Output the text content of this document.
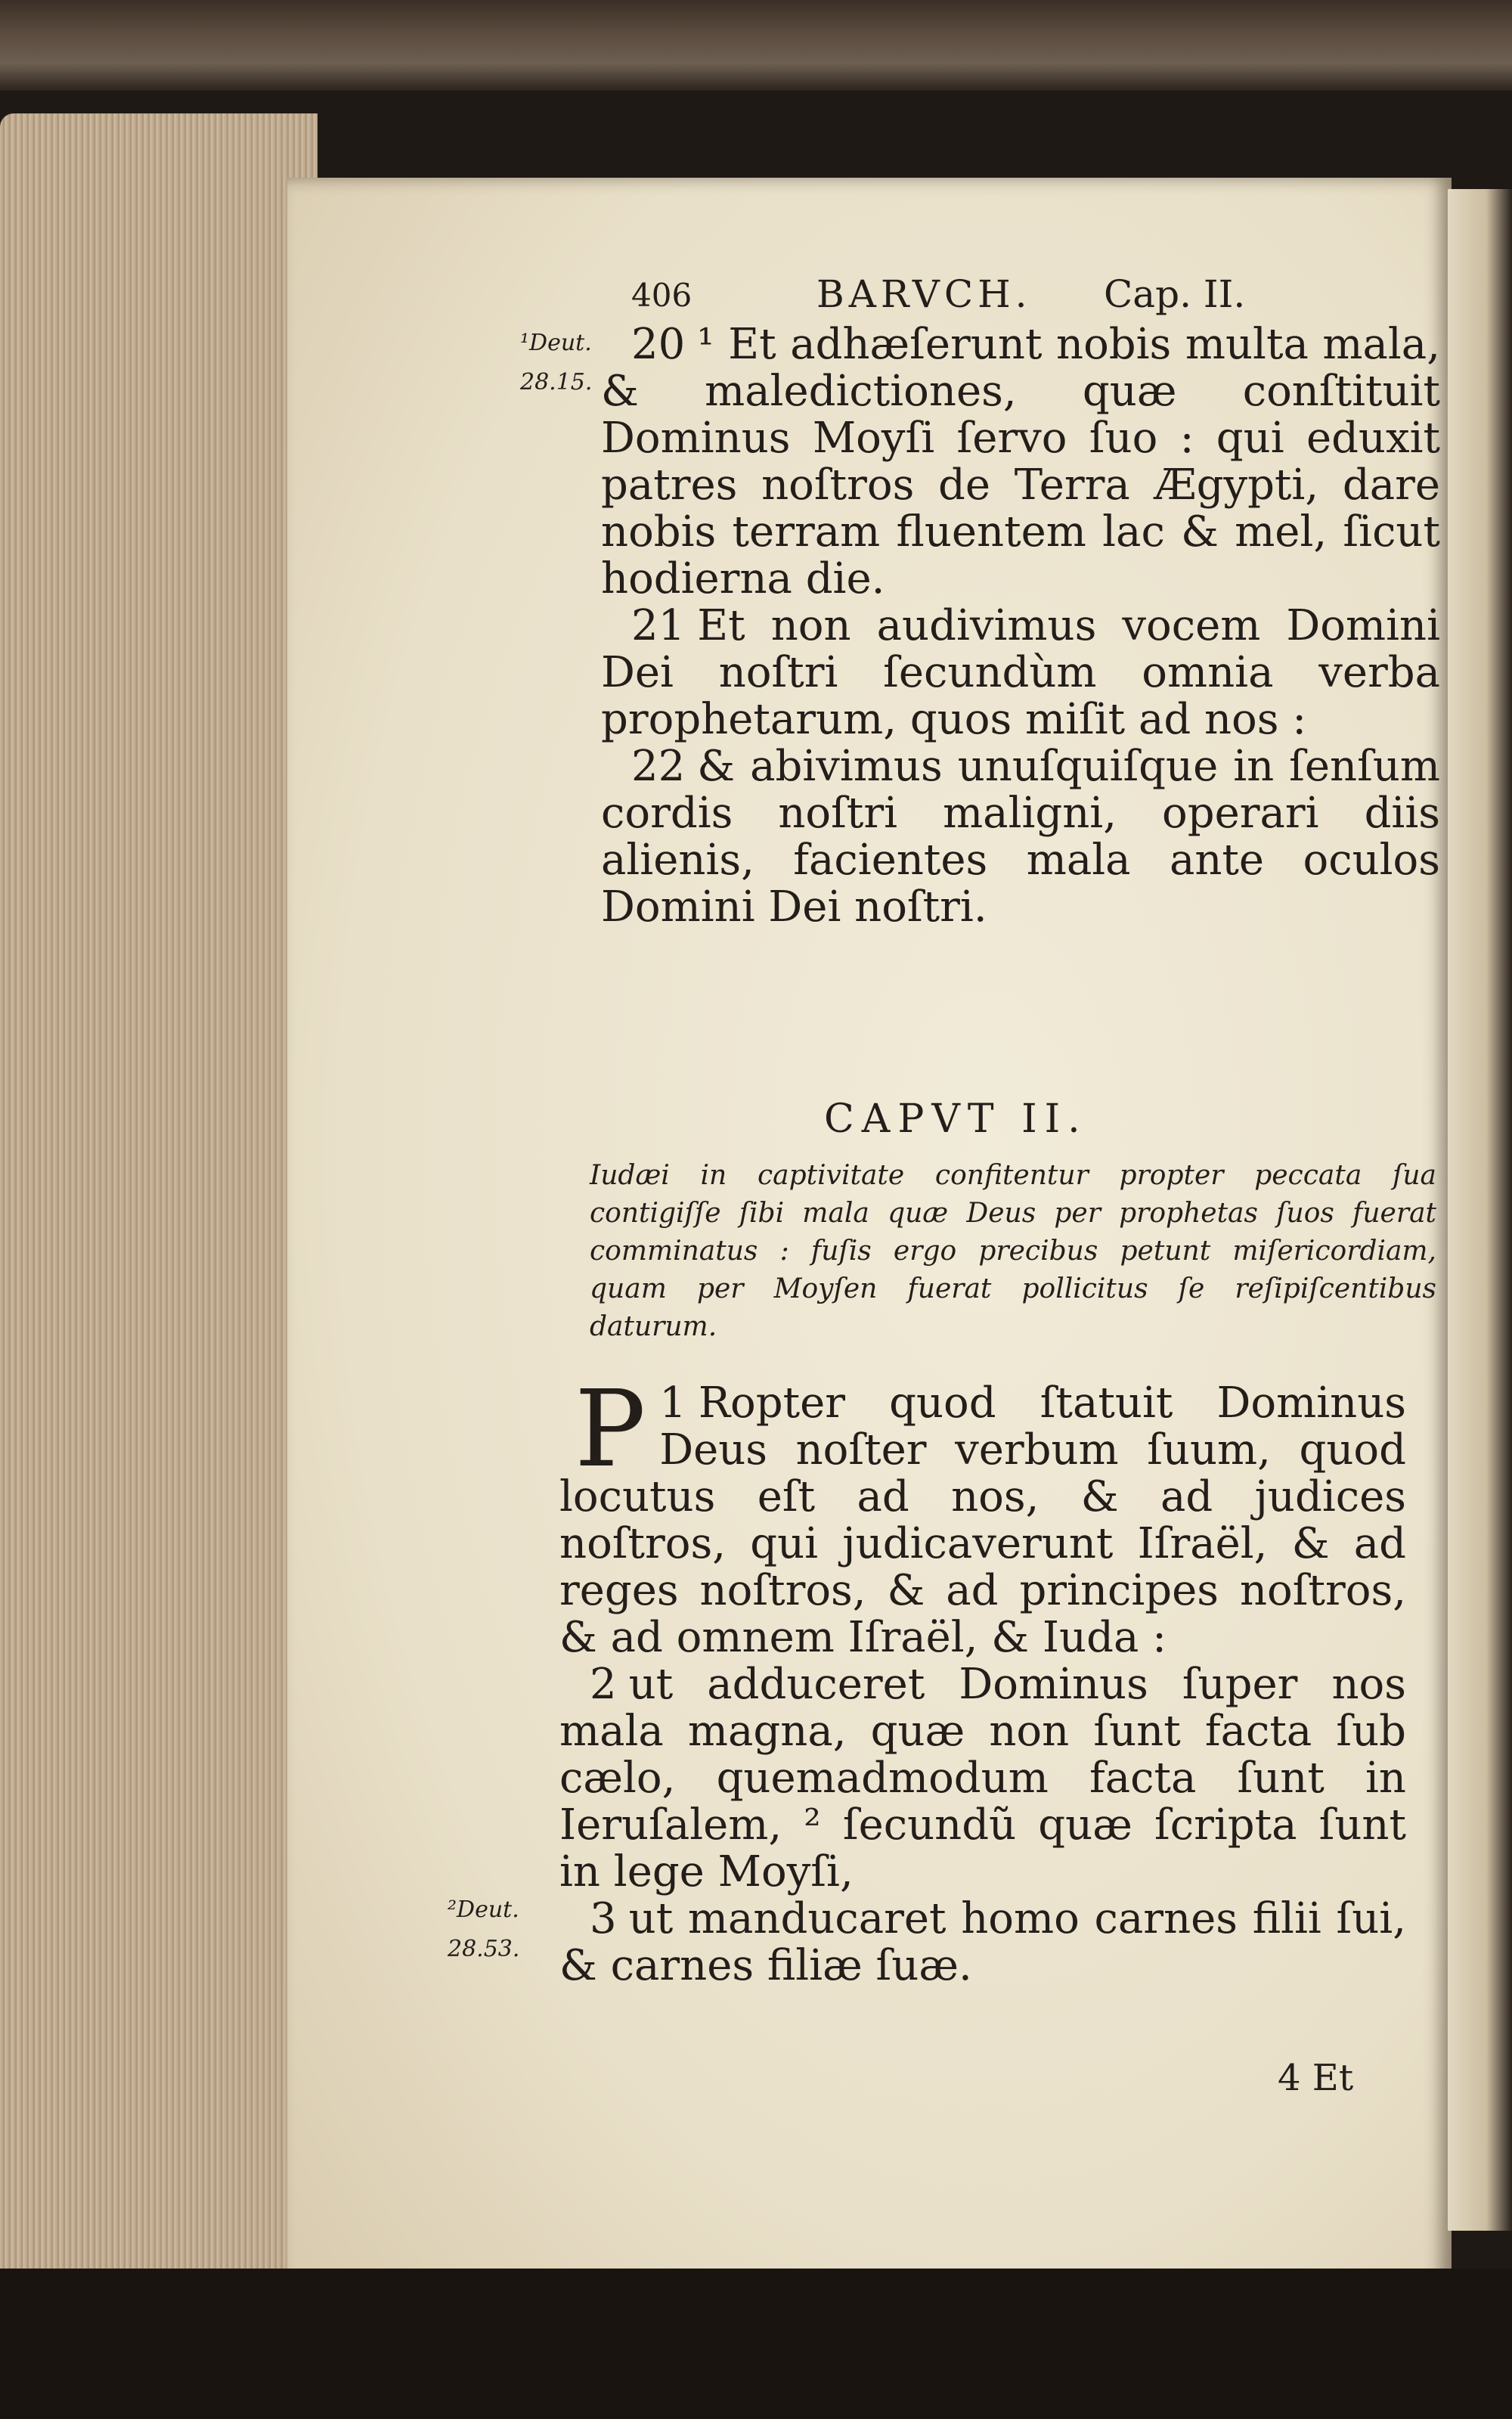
406	BARVCH. Cap. II.
¹Deut.
28.15.
²Deut.
28.53.

20 ¹ Et adhæſerunt nobis multa mala, & maledictiones, quæ conſtituit Dominus Moyſi ſervo ſuo : qui eduxit patres noſtros de Terra Ægypti, dare nobis terram fluentem lac & mel, ſicut hodierna die.

21 Et non audivimus vocem Domini Dei noſtri ſecundùm omnia verba prophetarum, quos miſit ad nos :

22 & abivimus unuſquiſque in ſenſum cordis noſtri maligni, operari diis alienis, facientes mala ante oculos Domini Dei noſtri.

CAPVT II.
Iudæi in captivitate confitentur propter peccata ſua contigiſſe ſibi mala quæ Deus per prophetas ſuos fuerat comminatus : fuſis ergo precibus petunt miſericordiam, quam per Moyſen fuerat pollicitus ſe reſipiſcentibus daturum.

1
P Ropter quod ſtatuit Dominus Deus noſter verbum ſuum, quod locutus eſt ad nos, & ad judices noſtros, qui judicaverunt Iſraël, & ad reges noſtros, & ad principes noſtros, & ad omnem Iſraël, & Iuda :

2 ut adduceret Dominus ſuper nos mala magna, quæ non ſunt facta ſub cælo, quemadmodum facta ſunt in Ieruſalem, ² ſecundũ quæ ſcripta ſunt in lege Moyſi,

3 ut manducaret homo carnes filii ſui, & carnes filiæ ſuæ.

4 Et
